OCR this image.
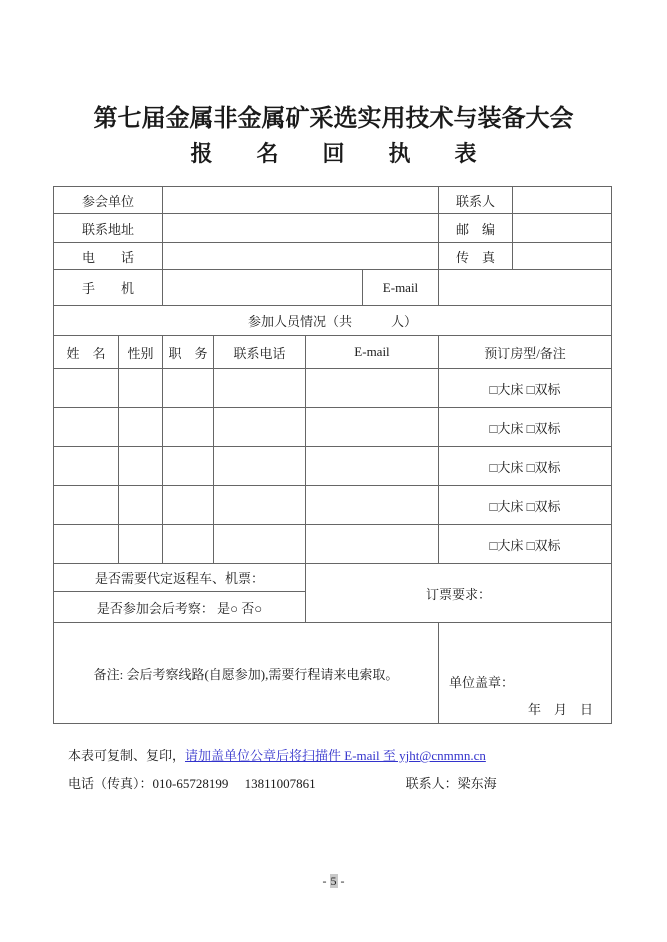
第七届金属非金属矿采选实用技术与装备大会
报　　名　　回　　执　　表
参会单位						联系人	
联系地址						邮　编	
电　　话						传　真	
手　　机					E-mail		
参加人员情况（共　　　人）							
姓　名	性别	职　务	联系电话	E-mail		预订房型/备注	
						□大床 □双标	
						□大床 □双标	
						□大床 □双标	
						□大床 □双标	
						□大床 □双标	
是否需要代定返程车、机票：				订票要求：			
是否参加会后考察： 是○ 否○							
备注: 会后考察线路(自愿参加),需要行程请来电索取。						单位盖章：
年　月　日	
本表可复制、复印，请加盖单位公章后将扫描件 E-mail 至 yjht@cnmmn.cn
电话（传真）：010-65728199　 13811007861	联系人：梁东海
- 5 -
